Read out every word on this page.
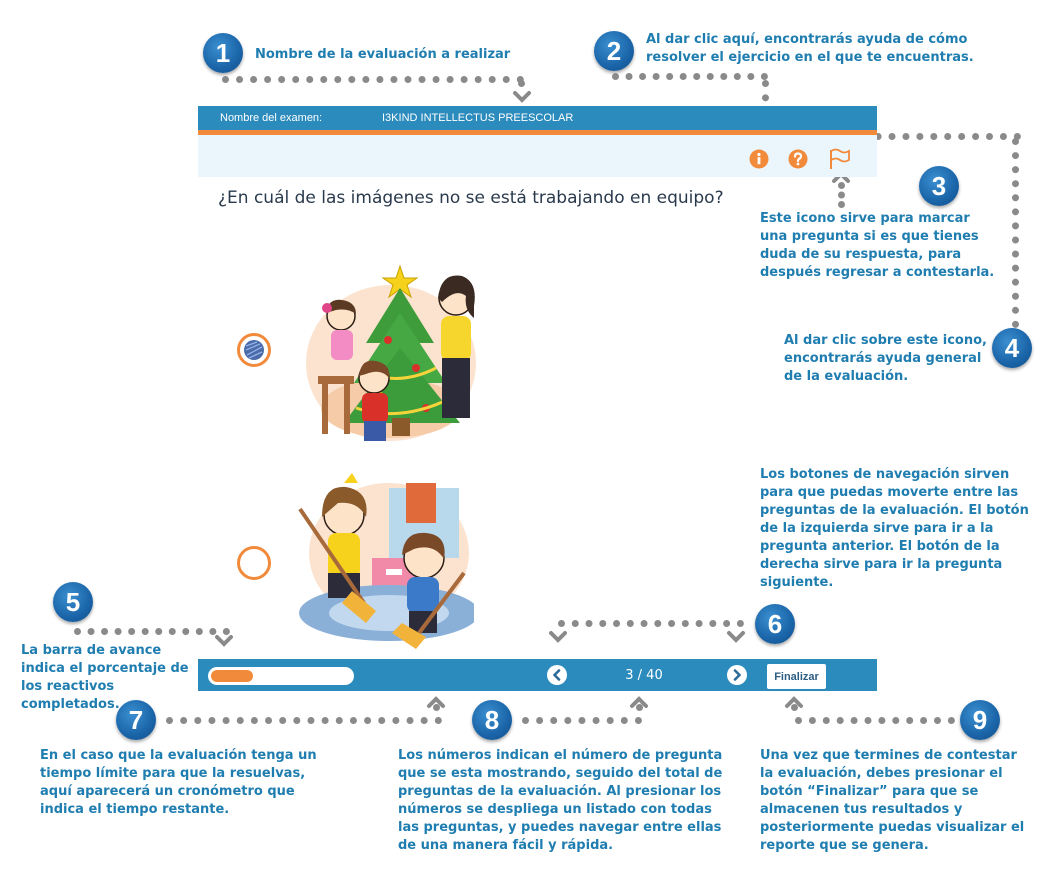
1	Nombre de la evaluación a realizar	2	Al dar clic aquí, encontrarás ayuda de cómo resolver el ejercicio en el que te encuentras.
3
Este icono sirve para marcar una pregunta si es que tienes duda de su respuesta, para después regresar a contestarla.
4
Al dar clic sobre este icono, encontrarás ayuda general de la evaluación.
5
La barra de avance indica el porcentaje de los reactivos completados.
Los botones de navegación sirven para que puedas moverte entre las preguntas de la evaluación. El botón de la izquierda sirve para ir a la pregunta anterior. El botón de la derecha sirve para ir la pregunta siguiente.
6
7
En el caso que la evaluación tenga un tiempo límite para que la resuelvas, aquí aparecerá un cronómetro que indica el tiempo restante.
8
Los números indican el número de pregunta que se esta mostrando, seguido del total de preguntas de la evaluación. Al presionar los números se despliega un listado con todas las preguntas, y puedes navegar entre ellas de una manera fácil y rápida.
9
Una vez que termines de contestar la evaluación, debes presionar el botón “Finalizar” para que se almacenen tus resultados y posteriormente puedas visualizar el reporte que se genera.
Nombre del examen:	I3KIND INTELLECTUS PREESCOLAR
¿En cuál de las imágenes no se está trabajando en equipo?
3 / 40	Finalizar
